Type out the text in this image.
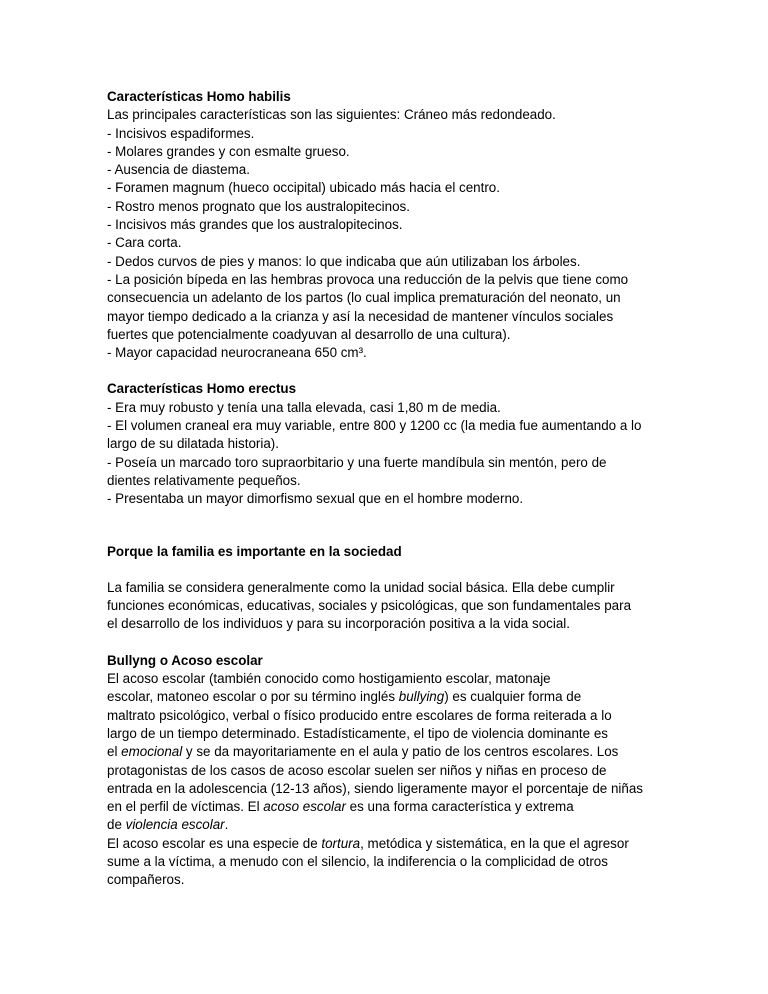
Características Homo habilis
Las principales características son las siguientes: Cráneo más redondeado.
- Incisivos espadiformes.
- Molares grandes y con esmalte grueso.
- Ausencia de diastema.
- Foramen magnum (hueco occipital) ubicado más hacia el centro.
- Rostro menos prognato que los australopitecinos.
- Incisivos más grandes que los australopitecinos.
- Cara corta.
- Dedos curvos de pies y manos: lo que indicaba que aún utilizaban los árboles.
- La posición bípeda en las hembras provoca una reducción de la pelvis que tiene como
consecuencia un adelanto de los partos (lo cual implica prematuración del neonato, un
mayor tiempo dedicado a la crianza y así la necesidad de mantener vínculos sociales
fuertes que potencialmente coadyuvan al desarrollo de una cultura).
- Mayor capacidad neurocraneana 650 cm³.
Características Homo erectus
- Era muy robusto y tenía una talla elevada, casi 1,80 m de media.
- El volumen craneal era muy variable, entre 800 y 1200 cc (la media fue aumentando a lo
largo de su dilatada historia).
- Poseía un marcado toro supraorbitario y una fuerte mandíbula sin mentón, pero de
dientes relativamente pequeños.
- Presentaba un mayor dimorfismo sexual que en el hombre moderno.
Porque la familia es importante en la sociedad
La familia se considera generalmente como la unidad social básica. Ella debe cumplir
funciones económicas, educativas, sociales y psicológicas, que son fundamentales para
el desarrollo de los individuos y para su incorporación positiva a la vida social.
Bullyng o Acoso escolar
El acoso escolar (también conocido como hostigamiento escolar, matonaje
escolar, matoneo escolar o por su término inglés bullying) es cualquier forma de
maltrato psicológico, verbal o físico producido entre escolares de forma reiterada a lo
largo de un tiempo determinado. Estadísticamente, el tipo de violencia dominante es
el emocional y se da mayoritariamente en el aula y patio de los centros escolares. Los
protagonistas de los casos de acoso escolar suelen ser niños y niñas en proceso de
entrada en la adolescencia (12-13 años), siendo ligeramente mayor el porcentaje de niñas
en el perfil de víctimas. El acoso escolar es una forma característica y extrema
de violencia escolar.
El acoso escolar es una especie de tortura, metódica y sistemática, en la que el agresor
sume a la víctima, a menudo con el silencio, la indiferencia o la complicidad de otros
compañeros.
